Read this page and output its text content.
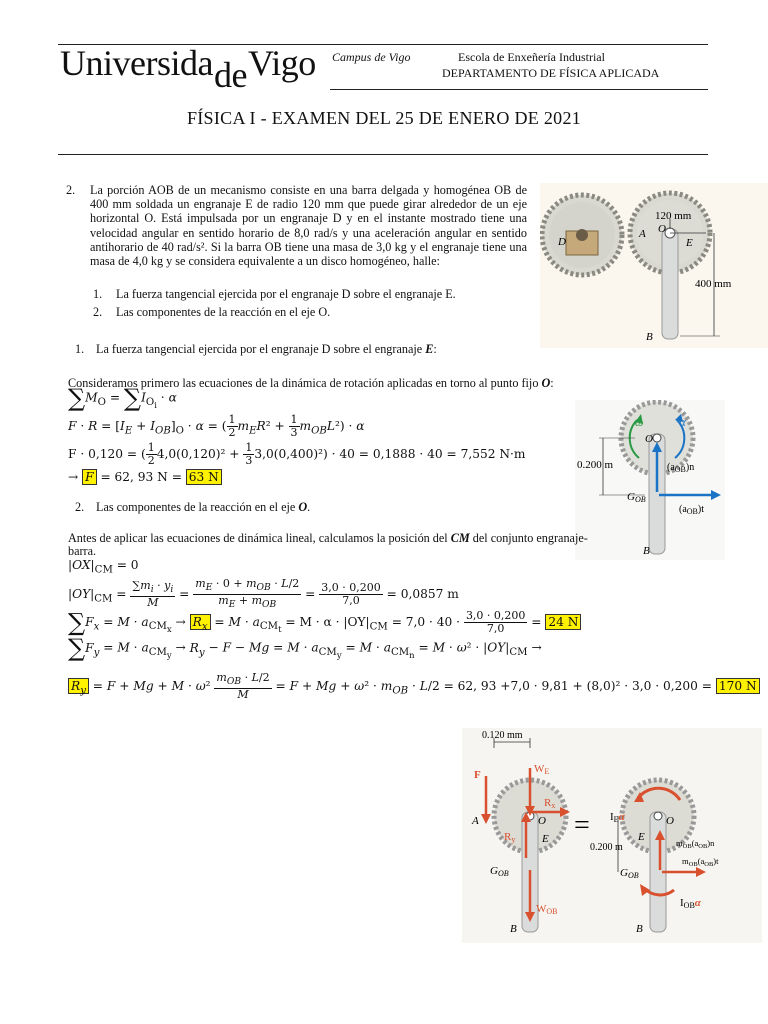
UniversidadeVigo Campus de Vigo	Escola de Enxeñería Industrial
DEPARTAMENTO DE FÍSICA APLICADA
FÍSICA I - EXAMEN DEL 25 DE ENERO DE 2021
2. La porción AOB de un mecanismo consiste en una barra delgada y homogénea OB de 400 mm soldada un engranaje E de radio 120 mm que puede girar alrededor de un eje horizontal O. Está impulsada por un engranaje D y en el instante mostrado tiene una velocidad angular en sentido horario de 8,0 rad/s y una aceleración angular en sentido antihorario de 40 rad/s². Si la barra OB tiene una masa de 3,0 kg y el engranaje tiene una masa de 4,0 kg y se considera equivalente a un disco homogéneo, halle:
1. La fuerza tangencial ejercida por el engranaje D sobre el engranaje E.
2. Las componentes de la reacción en el eje O.
120 mm
D
A O
E
B
400 mm
1. La fuerza tangencial ejercida por el engranaje D sobre el engranaje E:
Consideramos primero las ecuaciones de la dinámica de rotación aplicadas en torno al punto fijo O:
$\sum M_O = \sum I_{O_i} \cdot \alpha$
$F \cdot R = [I_E + I_{OB}]_O \cdot \alpha$ = ( $\frac{1}{2} m_ER^2 + \frac{1}{3} m_{OB}L^2) \cdot \alpha$
F · 0,120 = ( $\frac{1}{2} 4,0(0,120)^2 + \frac{1}{3} 3,0(0,400)^2) \cdot 40 = 0,1888 \cdot 40 = 7,552$ N·m
→ F = 62, 93 N = 63 N
ω	α
O
$(a_{OB})n$
$(a_{OB})t$
0.200 m
GOB
B
2. Las componentes de la reacción en el eje O.
Antes de aplicar las ecuaciones de dinámica lineal, calculamos la posición del CM del conjunto engranaje-barra.
$|OX|_{CM} = 0$
$|OY|_{CM} = \frac{\sum m_i \cdot y_i}{M} = \frac{m_E \cdot 0 + m_{OB} \cdot L/2}{m_E + m_{OB}} = \frac{3,0 \cdot 0,200}{7,0} = 0,0857$ m
$\sum F_x = M \cdot a_{CM_x} \to R_x = M \cdot a_{CM_t} = M \cdot \alpha \cdot |OY|_{CM} = 7,0 \cdot 40 \cdot \frac{3,0 \cdot 0,200}{7,0} = 24$ N
$\sum F_y = M \cdot a_{CM_y} \to R_y - F - Mg = M \cdot a_{CM_y} = M \cdot a_{CM_n} = M \cdot \omega^2 \cdot |OY|_{CM}$ →
$R_y = F + Mg + M \cdot \omega^2 \frac{m_{OB} \cdot L/2}{M} = F + Mg + \omega^2 \cdot m_{OB} \cdot L/2 = 62$, 93 +7,0 · 9,81 + (8,0)² · 3,0 · 0,200 = 170 N
0.120 mm
F	WE
Rx
Ry
A	O
E
GOB
WOB
B
= IEα	O
E	$m_{OB}(a_{OB})n$
$m_{OB}(a_{OB})t$
0.200 m
GOB
IOBα
B
